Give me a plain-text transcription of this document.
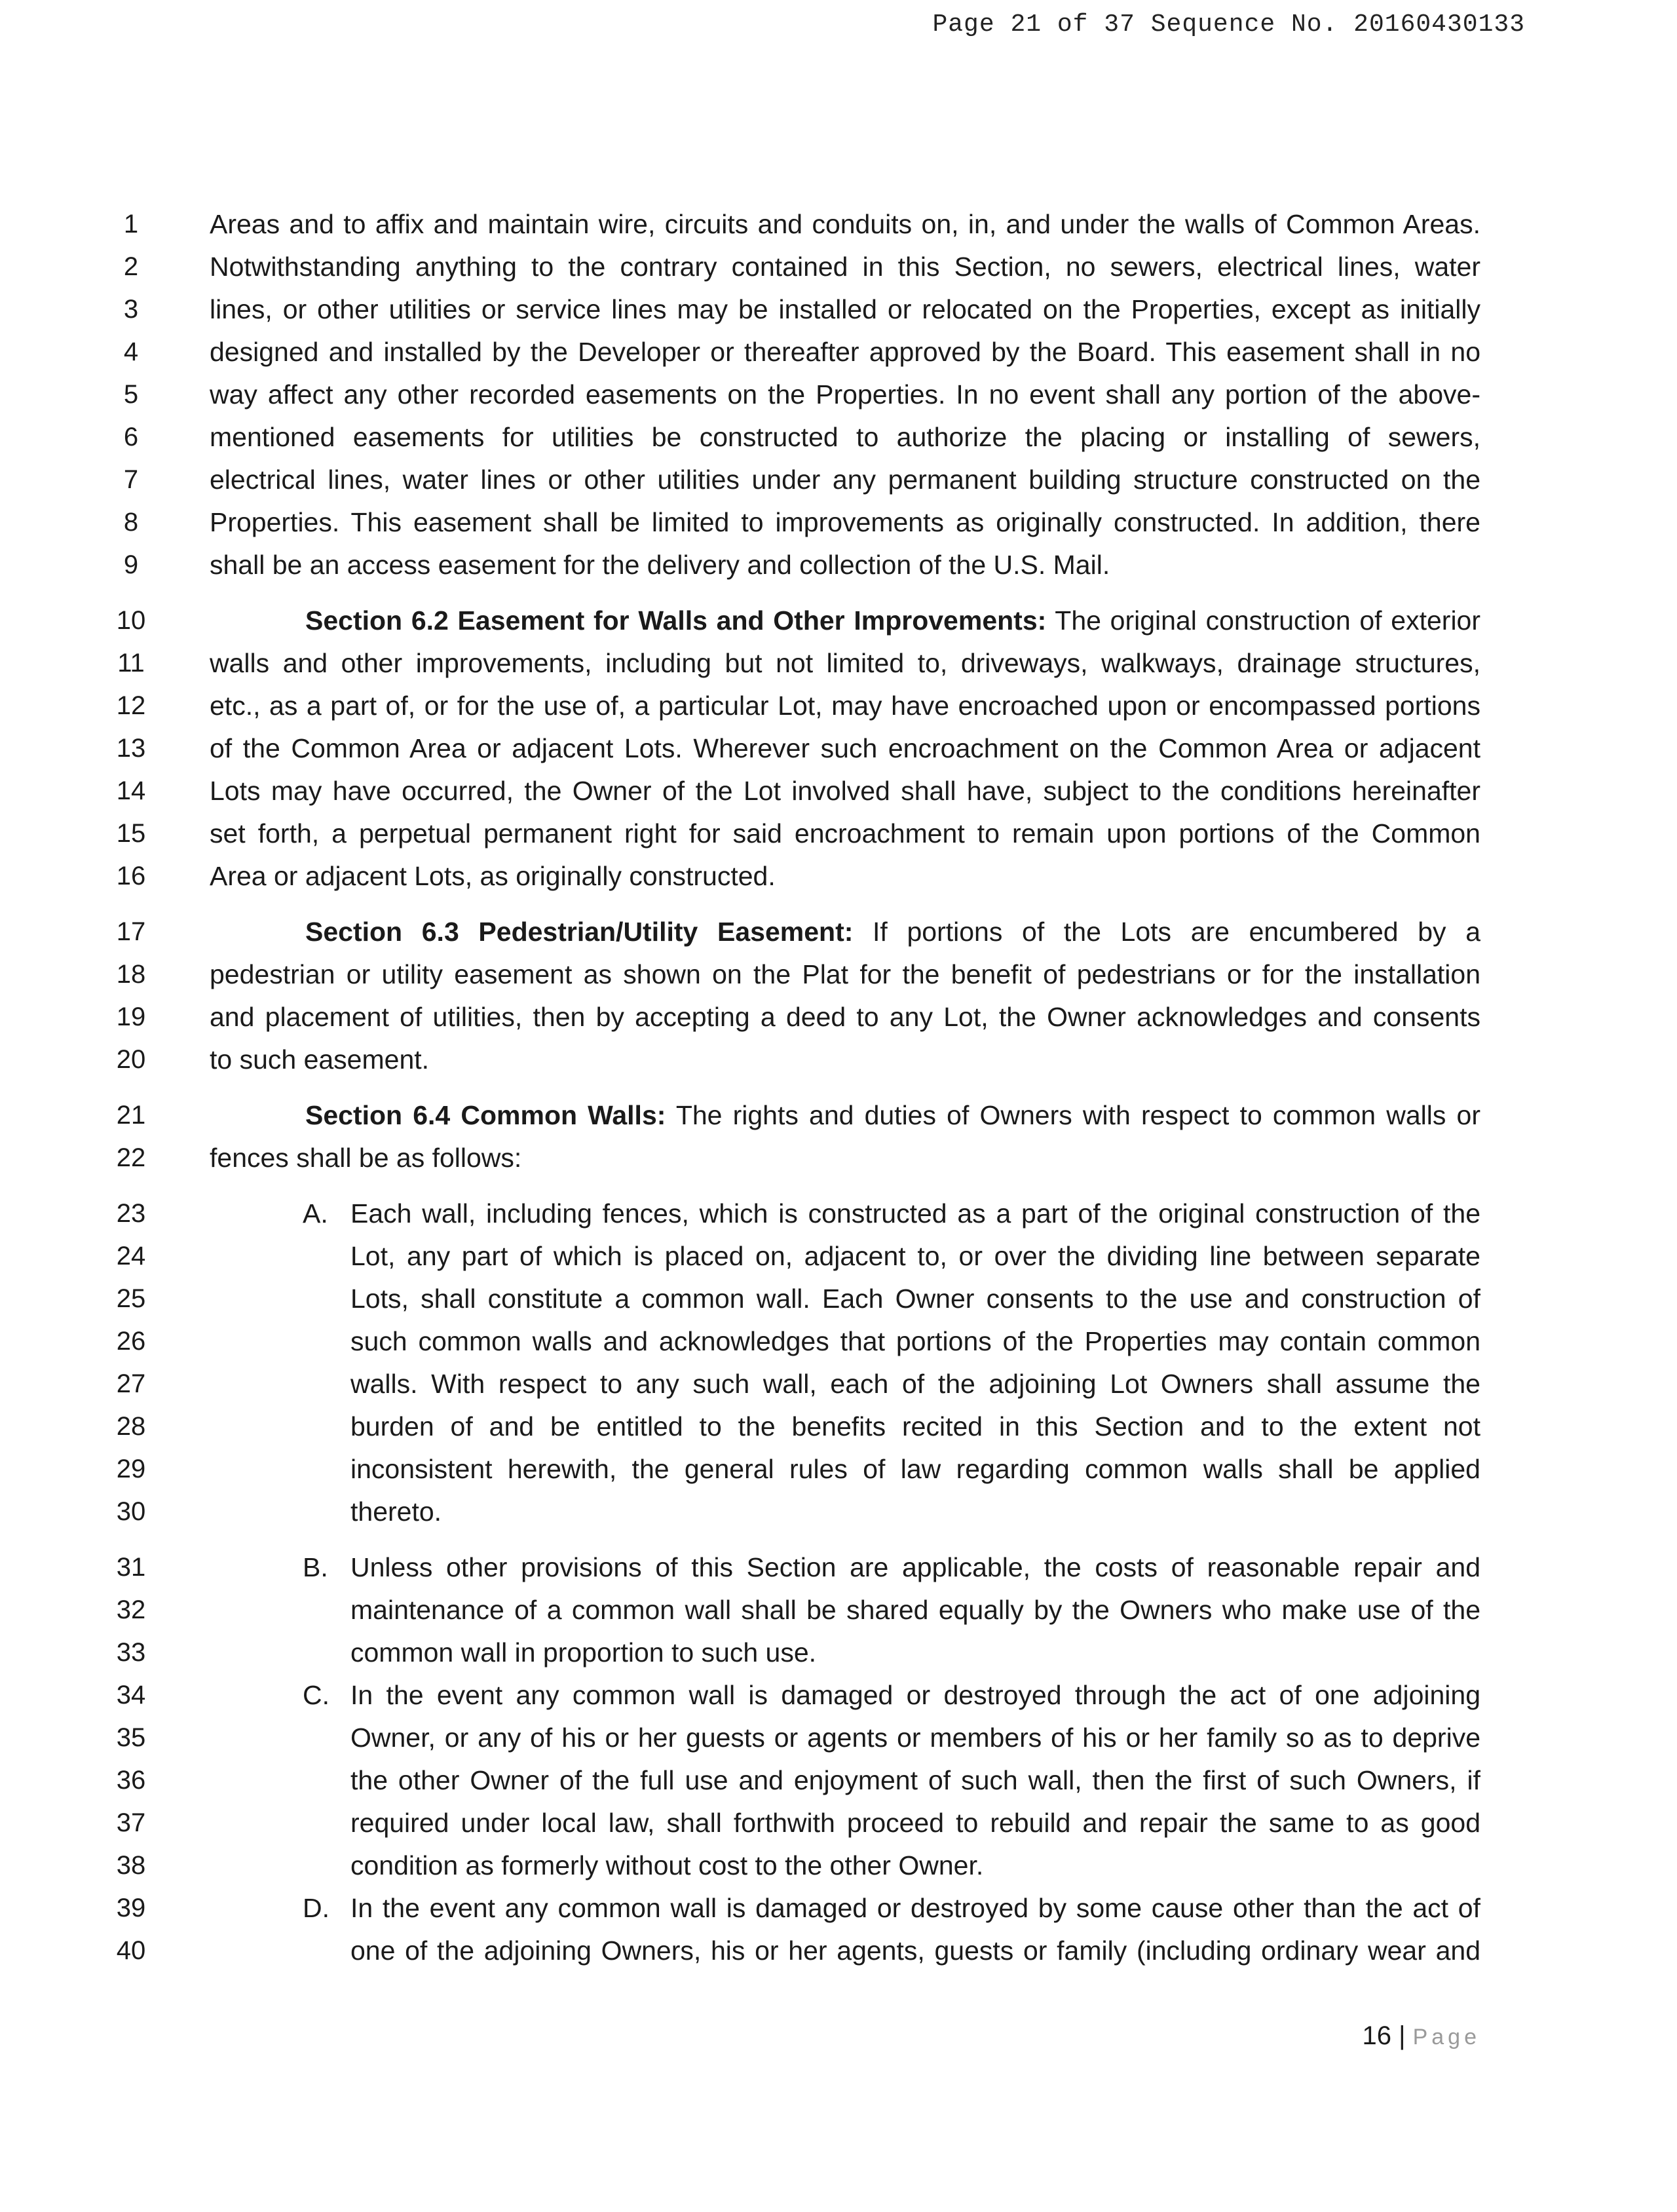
Page 21 of 37 Sequence No. 20160430133
1	Areas and to affix and maintain wire, circuits and conduits on, in, and under the walls of Common Areas.
2	Notwithstanding anything to the contrary contained in this Section, no sewers, electrical lines, water
3	lines, or other utilities or service lines may be installed or relocated on the Properties, except as initially
4	designed and installed by the Developer or thereafter approved by the Board. This easement shall in no
5	way affect any other recorded easements on the Properties. In no event shall any portion of the above-
6	mentioned easements for utilities be constructed to authorize the placing or installing of sewers,
7	electrical lines, water lines or other utilities under any permanent building structure constructed on the
8	Properties. This easement shall be limited to improvements as originally constructed. In addition, there
9	shall be an access easement for the delivery and collection of the U.S. Mail.
10	Section 6.2 Easement for Walls and Other Improvements: The original construction of exterior
11	walls and other improvements, including but not limited to, driveways, walkways, drainage structures,
12	etc., as a part of, or for the use of, a particular Lot, may have encroached upon or encompassed portions
13	of the Common Area or adjacent Lots. Wherever such encroachment on the Common Area or adjacent
14	Lots may have occurred, the Owner of the Lot involved shall have, subject to the conditions hereinafter
15	set forth, a perpetual permanent right for said encroachment to remain upon portions of the Common
16	Area or adjacent Lots, as originally constructed.
17	Section 6.3 Pedestrian/Utility Easement: If portions of the Lots are encumbered by a
18	pedestrian or utility easement as shown on the Plat for the benefit of pedestrians or for the installation
19	and placement of utilities, then by accepting a deed to any Lot, the Owner acknowledges and consents
20	to such easement.
21	Section 6.4 Common Walls: The rights and duties of Owners with respect to common walls or
22	fences shall be as follows:
23	A. Each wall, including fences, which is constructed as a part of the original construction of the
24	Lot, any part of which is placed on, adjacent to, or over the dividing line between separate
25	Lots, shall constitute a common wall. Each Owner consents to the use and construction of
26	such common walls and acknowledges that portions of the Properties may contain common
27	walls. With respect to any such wall, each of the adjoining Lot Owners shall assume the
28	burden of and be entitled to the benefits recited in this Section and to the extent not
29	inconsistent herewith, the general rules of law regarding common walls shall be applied
30	thereto.
31	B. Unless other provisions of this Section are applicable, the costs of reasonable repair and
32	maintenance of a common wall shall be shared equally by the Owners who make use of the
33	common wall in proportion to such use.
34	C. In the event any common wall is damaged or destroyed through the act of one adjoining
35	Owner, or any of his or her guests or agents or members of his or her family so as to deprive
36	the other Owner of the full use and enjoyment of such wall, then the first of such Owners, if
37	required under local law, shall forthwith proceed to rebuild and repair the same to as good
38	condition as formerly without cost to the other Owner.
39	D. In the event any common wall is damaged or destroyed by some cause other than the act of
40	one of the adjoining Owners, his or her agents, guests or family (including ordinary wear and
16 | Page
